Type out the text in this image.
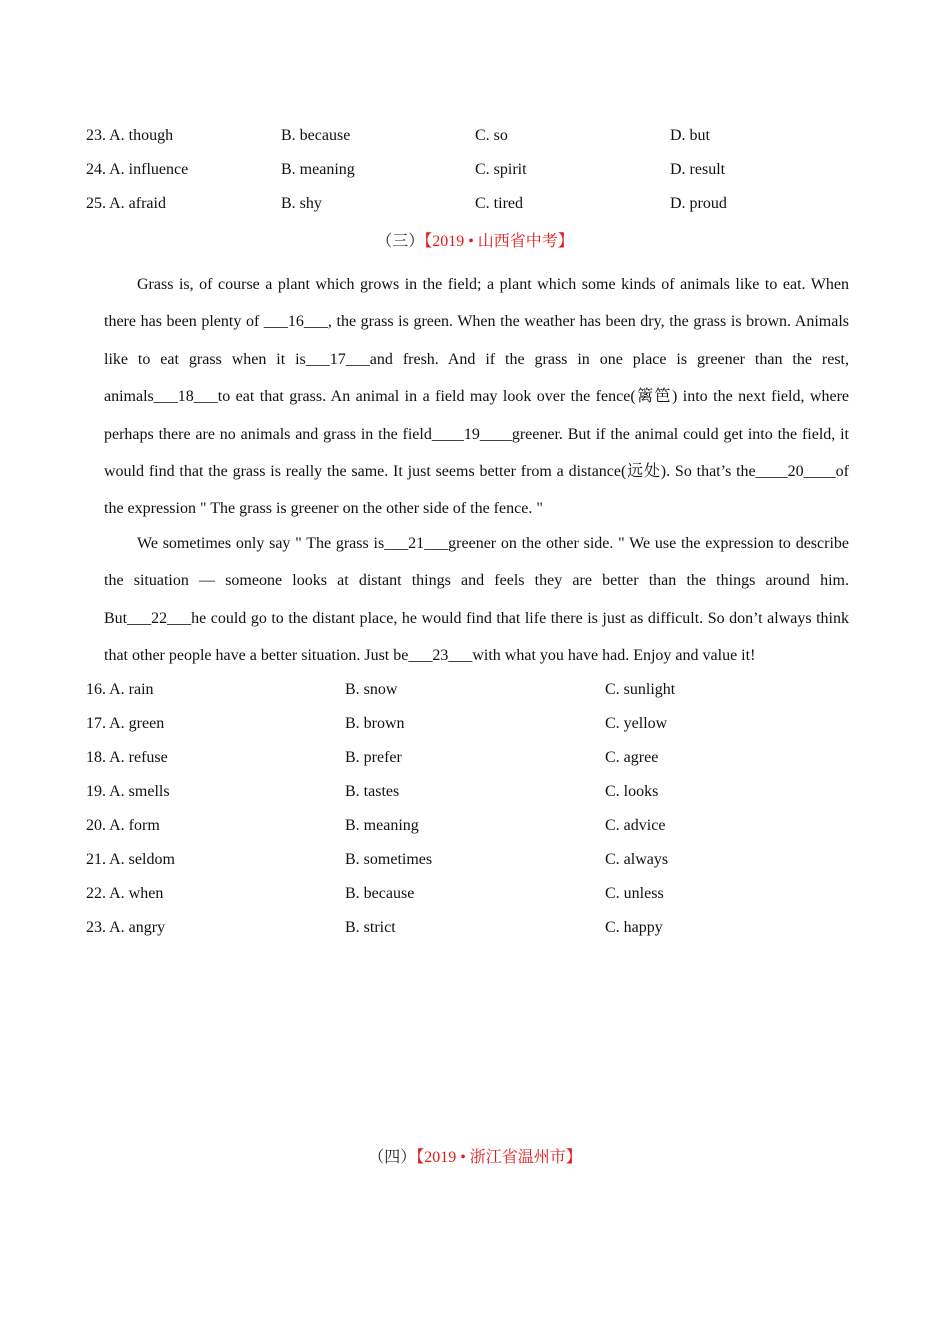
23. A. though	B. because	C. so	D. but
24. A. influence	B. meaning	C. spirit	D. result
25. A. afraid	B. shy	C. tired	D. proud
（三）【2019 • 山西省中考】

Grass is, of course a plant which grows in the field; a plant which some kinds of animals like to eat. When there has been plenty of ___16___, the grass is green. When the weather has been dry, the grass is brown. Animals like to eat grass when it is___17___and fresh. And if the grass in one place is greener than the rest, animals___18___to eat that grass. An animal in a field may look over the fence(篱笆) into the next field, where perhaps there are no animals and grass in the field____19____greener. But if the animal could get into the field, it would find that the grass is really the same. It just seems better from a distance(远处). So that’s the____20____of the expression " The grass is greener on the other side of the fence. "

We sometimes only say " The grass is___21___greener on the other side. " We use the expression to describe the situation — someone looks at distant things and feels they are better than the things around him. But___22___he could go to the distant place, he would find that life there is just as difficult. So don’t always think that other people have a better situation. Just be___23___with what you have had. Enjoy and value it!

16. A. rain	B. snow	C. sunlight
17. A. green	B. brown	C. yellow
18. A. refuse	B. prefer	C. agree
19. A. smells	B. tastes	C. looks
20. A. form	B. meaning	C. advice
21. A. seldom	B. sometimes	C. always
22. A. when	B. because	C. unless
23. A. angry	B. strict	C. happy
（四）【2019 • 浙江省温州市】
